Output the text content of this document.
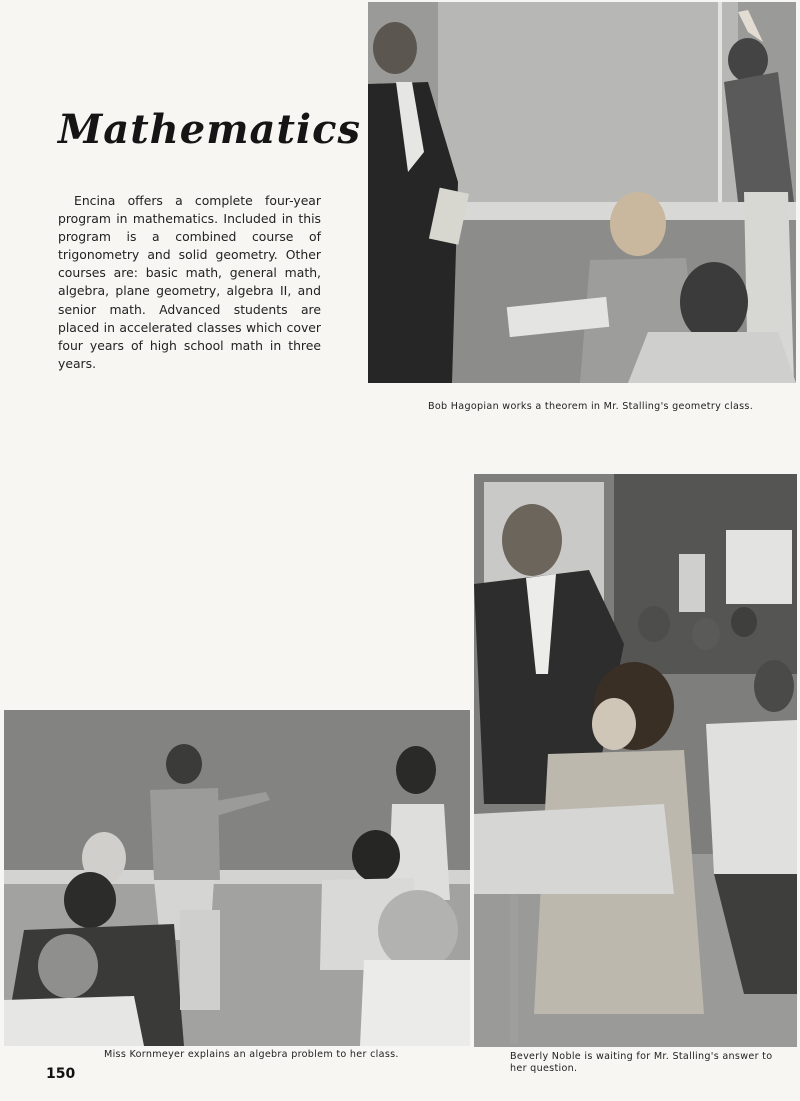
Mathematics

Encina offers a complete four-year program in mathematics. Included in this program is a combined course of trigonometry and solid geometry. Other courses are: basic math, general math, algebra, plane geometry, algebra II, and senior math. Advanced students are placed in accelerated classes which cover four years of high school math in three years.

Bob Hagopian works a theorem in Mr. Stalling's geometry class.

Beverly Noble is waiting for Mr. Stalling's answer to her question.

Miss Kornmeyer explains an algebra problem to her class.

150
